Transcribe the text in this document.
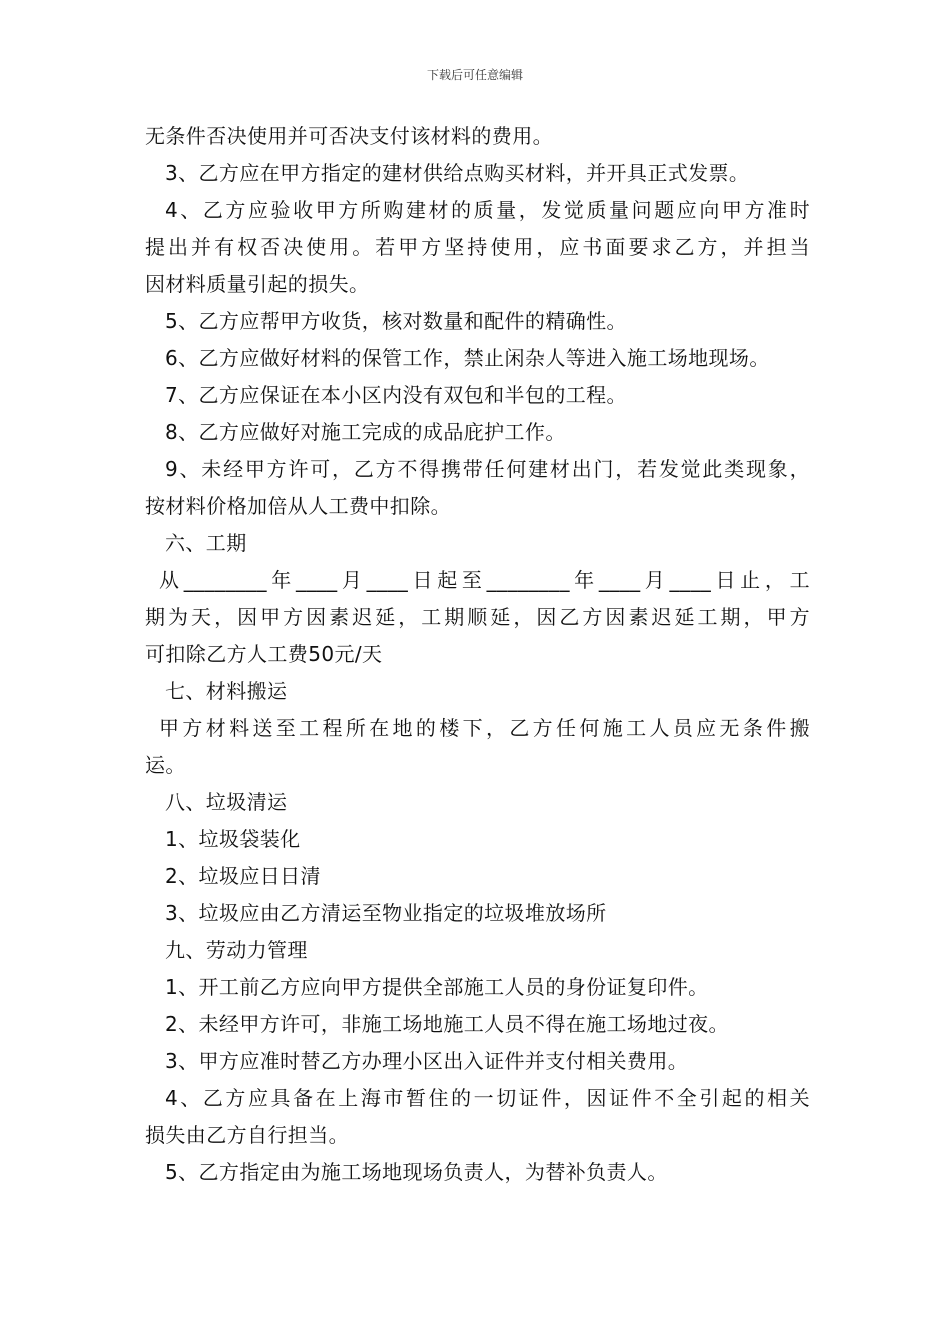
下载后可任意编辑
无条件否决使用并可否决支付该材料的费用。
3、乙方应在甲方指定的建材供给点购买材料，并开具正式发票。
4、乙方应验收甲方所购建材的质量，发觉质量问题应向甲方准时
提出并有权否决使用。若甲方坚持使用，应书面要求乙方，并担当
因材料质量引起的损失。
5、乙方应帮甲方收货，核对数量和配件的精确性。
6、乙方应做好材料的保管工作，禁止闲杂人等进入施工场地现场。
7、乙方应保证在本小区内没有双包和半包的工程。
8、乙方应做好对施工完成的成品庇护工作。
9、未经甲方许可，乙方不得携带任何建材出门，若发觉此类现象，
按材料价格加倍从人工费中扣除。
六、工期
从________年____月____日起至________年____月____日止，工
期为天，因甲方因素迟延，工期顺延，因乙方因素迟延工期，甲方
可扣除乙方人工费50元/天
七、材料搬运
甲方材料送至工程所在地的楼下，乙方任何施工人员应无条件搬
运。
八、垃圾清运
1、垃圾袋装化
2、垃圾应日日清
3、垃圾应由乙方清运至物业指定的垃圾堆放场所
九、劳动力管理
1、开工前乙方应向甲方提供全部施工人员的身份证复印件。
2、未经甲方许可，非施工场地施工人员不得在施工场地过夜。
3、甲方应准时替乙方办理小区出入证件并支付相关费用。
4、乙方应具备在上海市暂住的一切证件，因证件不全引起的相关
损失由乙方自行担当。
5、乙方指定由为施工场地现场负责人，为替补负责人。
